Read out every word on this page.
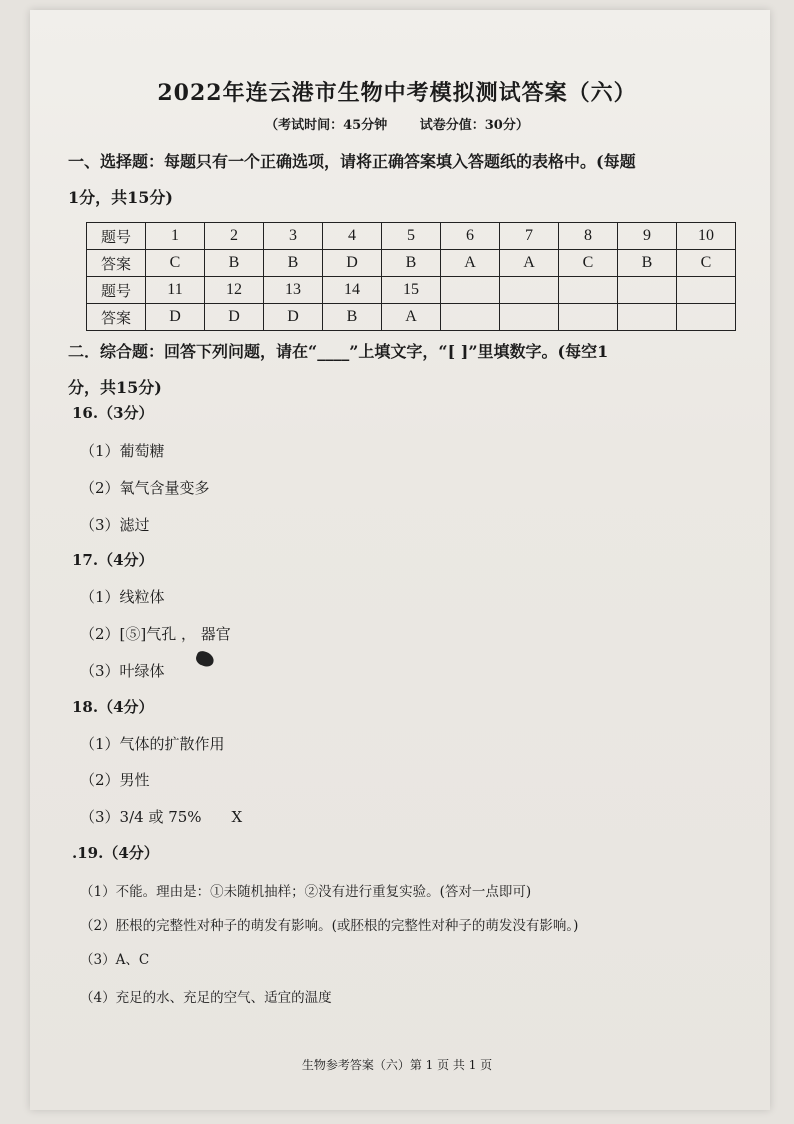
2022年连云港市生物中考模拟测试答案（六）
（考试时间：45分钟	试卷分值：30分）
一、选择题：每题只有一个正确选项，请将正确答案填入答题纸的表格中。(每题
1分，共15分)
题号	1	2	3	4	5	6	7	8	9	10
答案	C	B	B	D	B	A	A	C	B	C
题号	11	12	13	14	15					
答案	D	D	D	B	A					
二．综合题：回答下列问题，请在“____”上填文字，“[ ]”里填数字。(每空1
分，共15分)
16.（3分）
（1）葡萄糖
（2）氧气含量变多
（3）滤过
17.（4分）
（1）线粒体
（2）[⑤]气孔 ， 器官
（3）叶绿体
18.（4分）
（1）气体的扩散作用
（2）男性
（3）3/4 或 75%　　X
.19.（4分）
（1）不能。理由是：①未随机抽样；②没有进行重复实验。(答对一点即可)
（2）胚根的完整性对种子的萌发有影响。(或胚根的完整性对种子的萌发没有影响。)
（3）A、C
（4）充足的水、充足的空气、适宜的温度
生物参考答案（六）第 1 页 共 1 页
